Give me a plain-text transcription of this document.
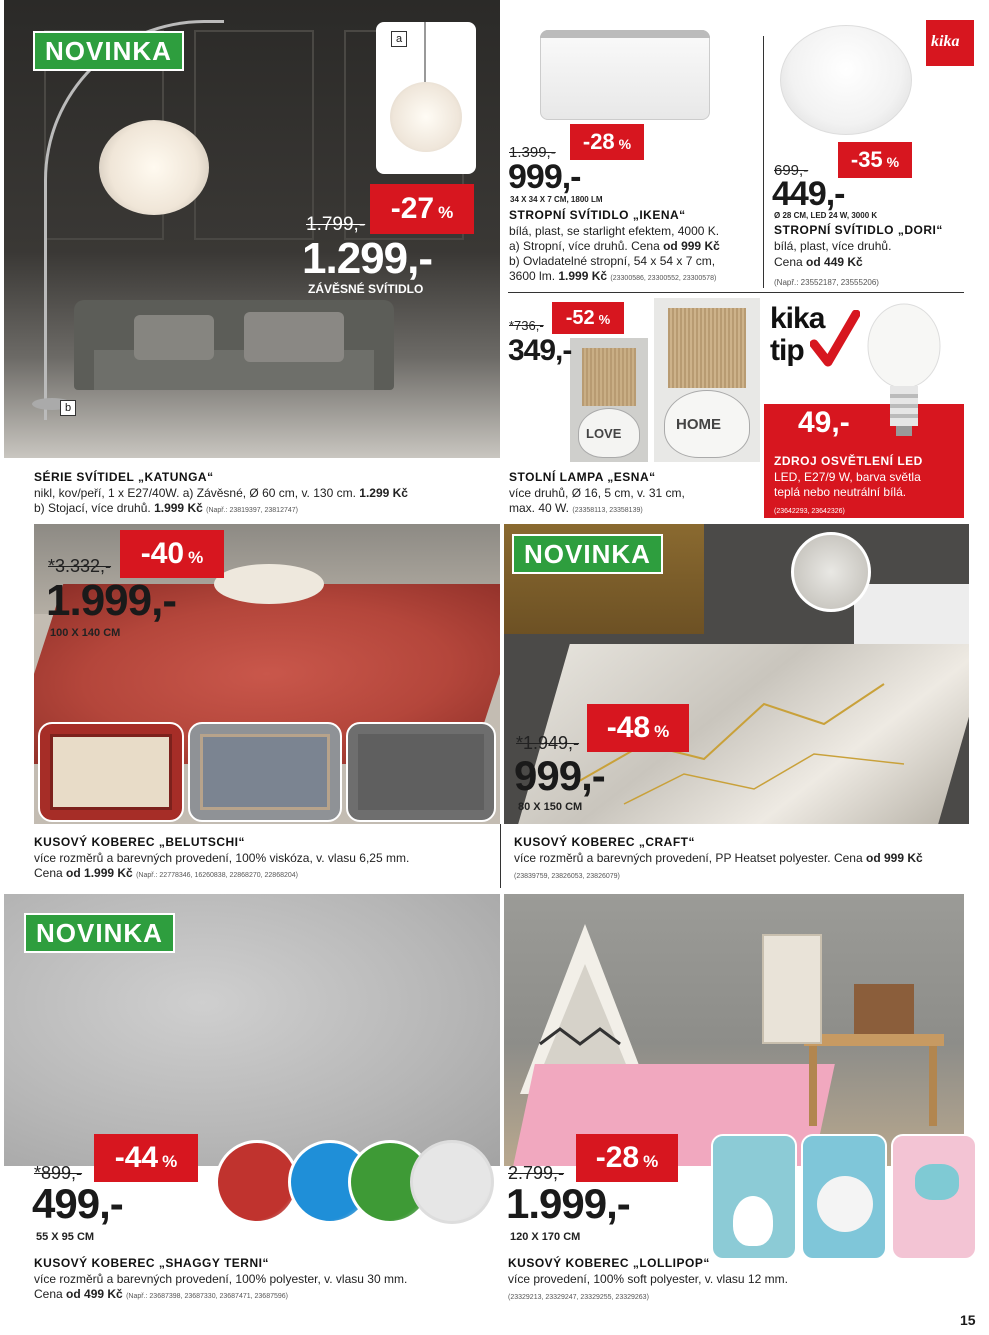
NOVINKA	a
b
1.799,- -27 %
1.299,-
ZÁVĚSNÉ SVÍTIDLO
SÉRIE SVÍTIDEL „KATUNGA“
nikl, kov/peří, 1 x E27/40W. a) Závěsné, Ø 60 cm, v. 130 cm. 1.299 Kč
b) Stojací, více druhů. 1.999 Kč (Např.: 23819397, 23812747)
1.399,-	-28 %
999,-
34 X 34 X 7 CM, 1800 LM
STROPNÍ SVÍTIDLO „IKENA“
bílá, plast, se starlight efektem, 4000 K.
a) Stropní, více druhů. Cena od 999 Kč
b) Ovladatelné stropní, 54 x 54 x 7 cm,
3600 lm. 1.999 Kč (23300586, 23300552, 23300578)
kika
699,-	-35 %
449,-
Ø 28 CM, LED 24 W, 3000 K
STROPNÍ SVÍTIDLO „DORI“
bílá, plast, více druhů.
Cena od 449 Kč
(Např.: 23552187, 23555206)
LOVE
HOME
*736,-	-52 %
349,-
STOLNÍ LAMPA „ESNA“
více druhů, Ø 16, 5 cm, v. 31 cm,
max. 40 W. (23358113, 23358139)
kika
tip
49,-
ZDROJ OSVĚTLENÍ LED
LED, E27/9 W, barva světla
teplá nebo neutrální bílá.
(23642293, 23642326)
*3.332,- -40 %
1.999,-
100 X 140 CM
KUSOVÝ KOBEREC „BELUTSCHI“
více rozměrů a barevných provedení, 100% viskóza, v. vlasu 6,25 mm.
Cena od 1.999 Kč (Např.: 22778346, 16260838, 22868270, 22868204)
NOVINKA
*1.949,- -48 %
999,-
80 X 150 CM
KUSOVÝ KOBEREC „CRAFT“
více rozměrů a barevných provedení, PP Heatset polyester. Cena od 999 Kč
(23839759, 23826053, 23826079)
NOVINKA
*899,-	-44 %
499,-
55 X 95 CM
KUSOVÝ KOBEREC „SHAGGY TERNI“
více rozměrů a barevných provedení, 100% polyester, v. vlasu 30 mm.
Cena od 499 Kč (Např.: 23687398, 23687330, 23687471, 23687596)
2.799,-	-28 %
1.999,-
120 X 170 CM
KUSOVÝ KOBEREC „LOLLIPOP“
více provedení, 100% soft polyester, v. vlasu 12 mm.
(23329213, 23329247, 23329255, 23329263)
15
